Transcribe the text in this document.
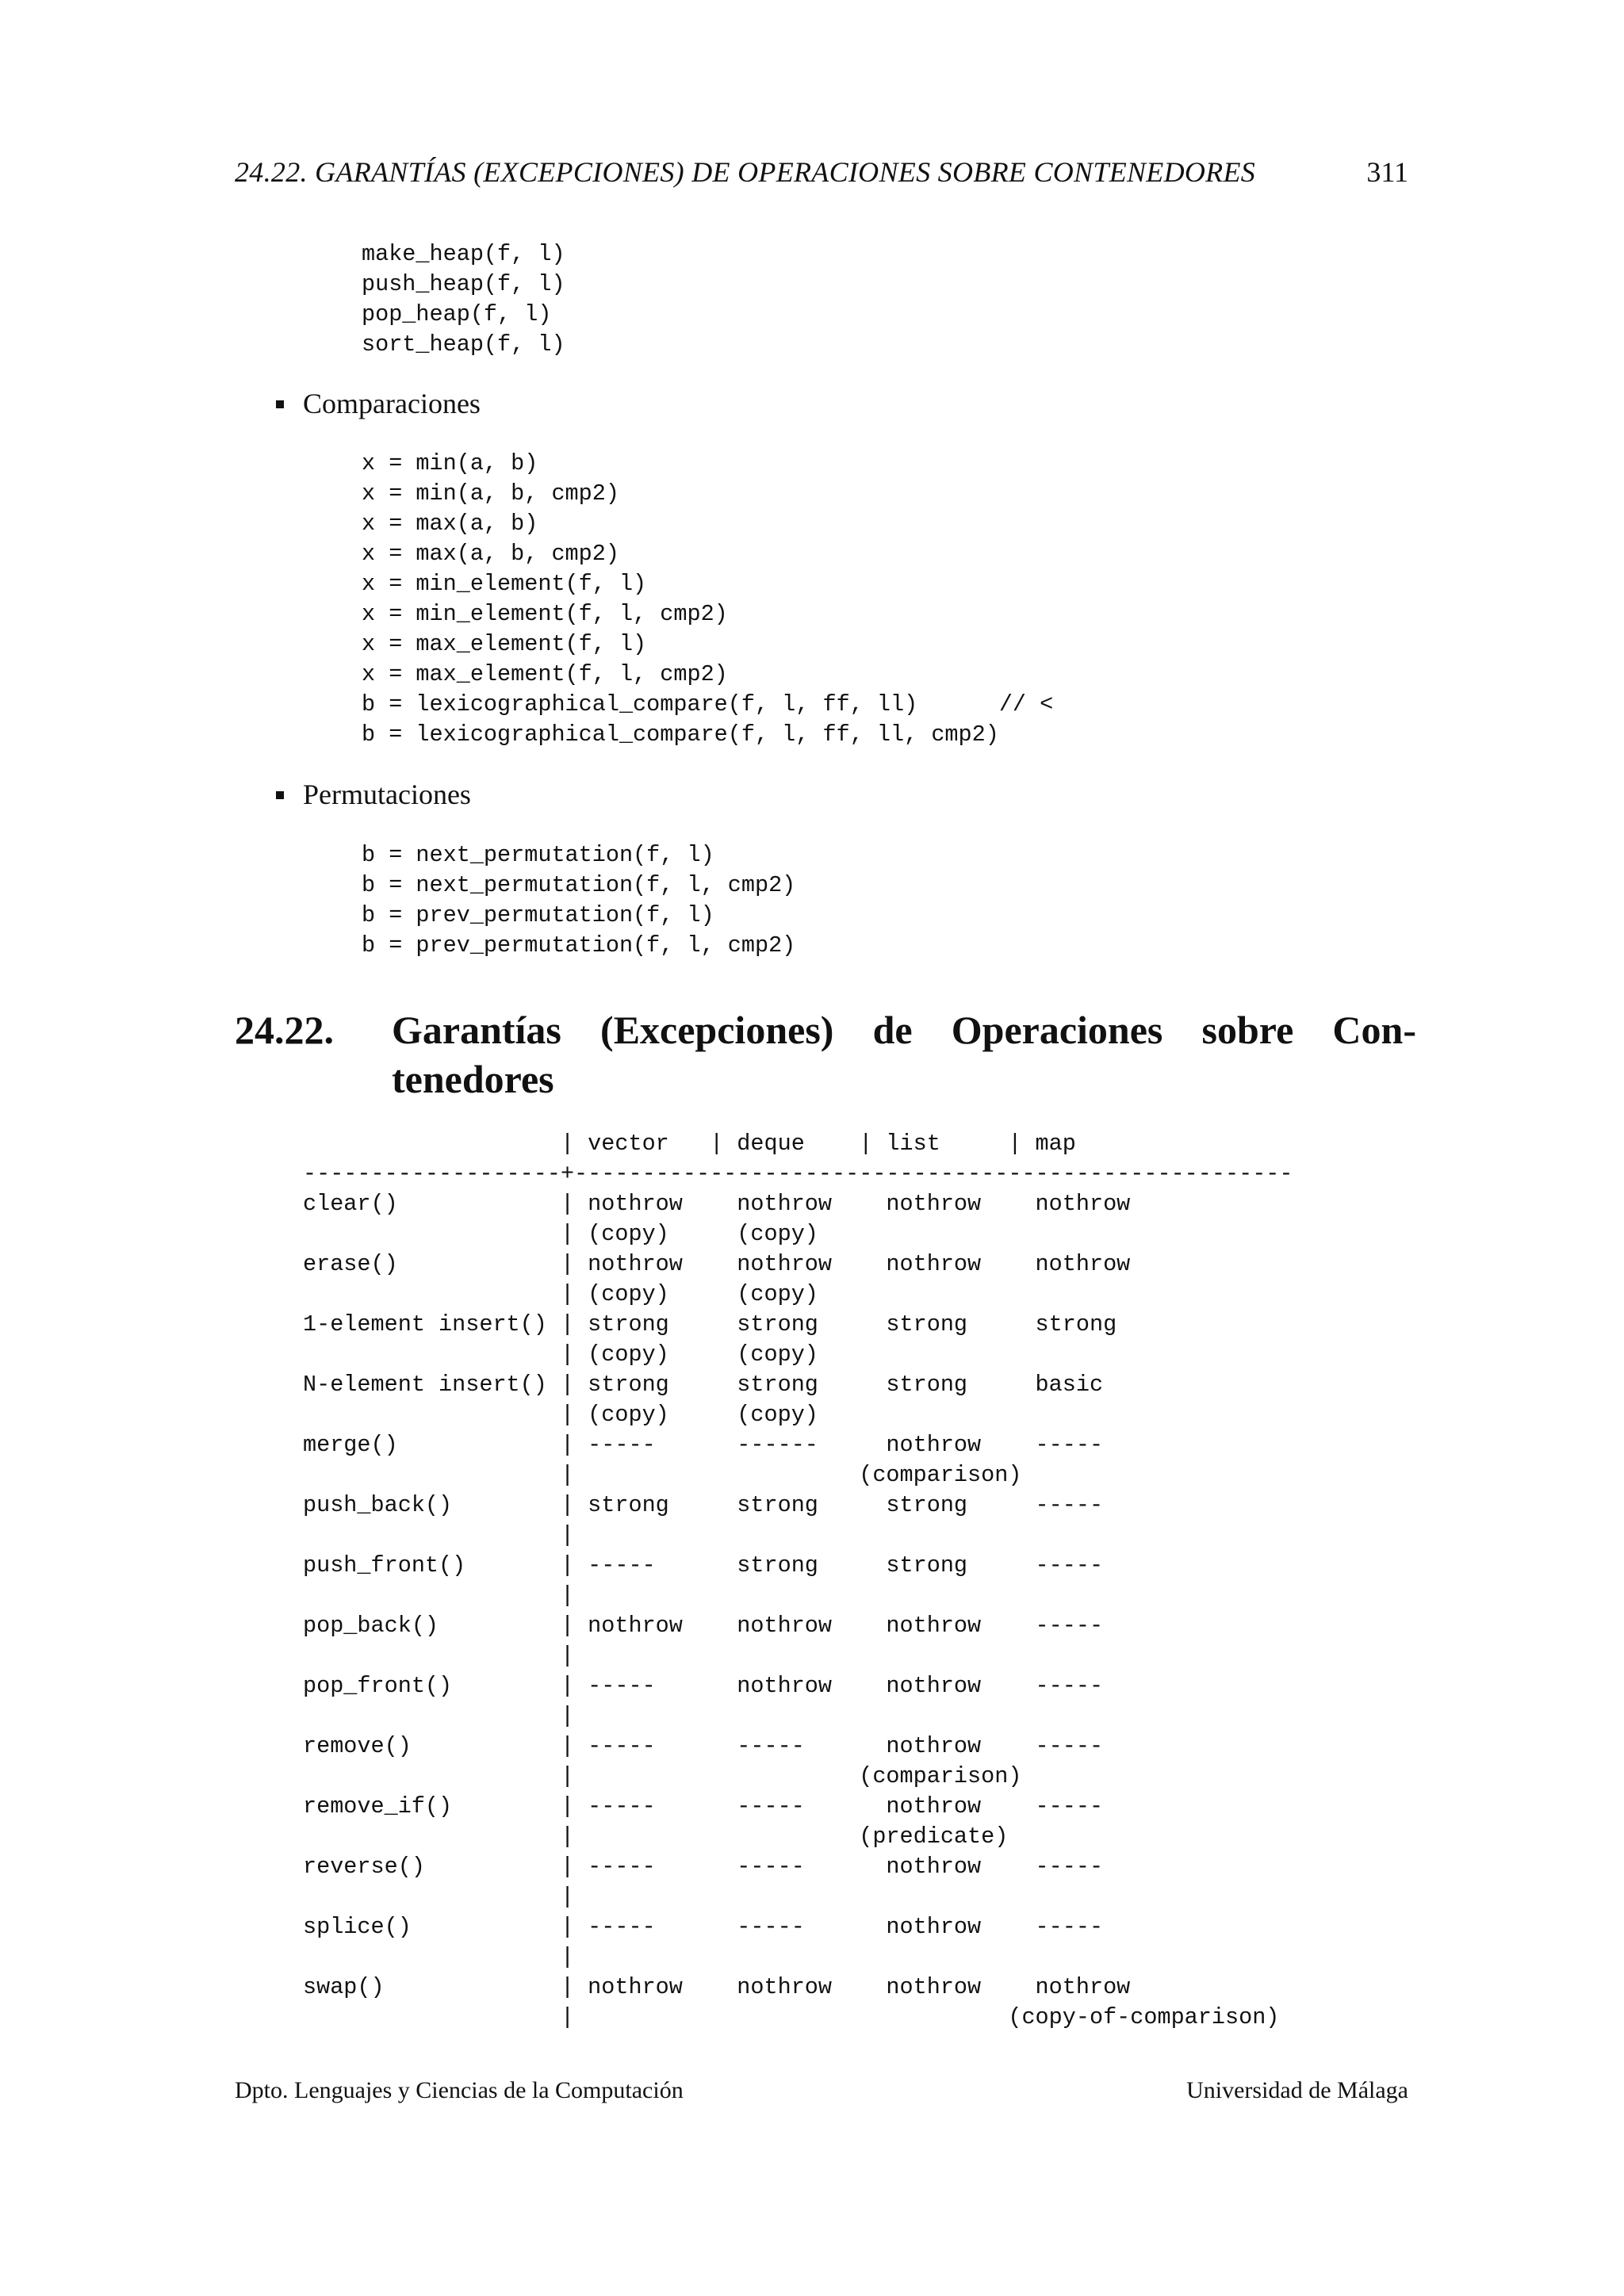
24.22. GARANTÍAS (EXCEPCIONES) DE OPERACIONES SOBRE CONTENEDORES	311
make_heap(f, l)
push_heap(f, l)
pop_heap(f, l)
sort_heap(f, l)
Comparaciones
x = min(a, b)
x = min(a, b, cmp2)
x = max(a, b)
x = max(a, b, cmp2)
x = min_element(f, l)
x = min_element(f, l, cmp2)
x = max_element(f, l)
x = max_element(f, l, cmp2)
b = lexicographical_compare(f, l, ff, ll)      // <
b = lexicographical_compare(f, l, ff, ll, cmp2)
Permutaciones
b = next_permutation(f, l)
b = next_permutation(f, l, cmp2)
b = prev_permutation(f, l)
b = prev_permutation(f, l, cmp2)
24.22. Garantías (Excepciones) de Operaciones sobre Con-
tenedores
| vector   | deque    | list     | map
-------------------+-----------------------------------------------------
clear()            | nothrow    nothrow    nothrow    nothrow
| (copy)     (copy)
erase()            | nothrow    nothrow    nothrow    nothrow
| (copy)     (copy)
1-element insert() | strong     strong     strong     strong
| (copy)     (copy)
N-element insert() | strong     strong     strong     basic
| (copy)     (copy)
merge()            | -----      ------     nothrow    -----
|                     (comparison)
push_back()        | strong     strong     strong     -----
|
push_front()       | -----      strong     strong     -----
|
pop_back()         | nothrow    nothrow    nothrow    -----
|
pop_front()        | -----      nothrow    nothrow    -----
|
remove()           | -----      -----      nothrow    -----
|                     (comparison)
remove_if()        | -----      -----      nothrow    -----
|                     (predicate)
reverse()          | -----      -----      nothrow    -----
|
splice()           | -----      -----      nothrow    -----
|
swap()             | nothrow    nothrow    nothrow    nothrow
|                                (copy-of-comparison)
Dpto. Lenguajes y Ciencias de la Computación	Universidad de Málaga
